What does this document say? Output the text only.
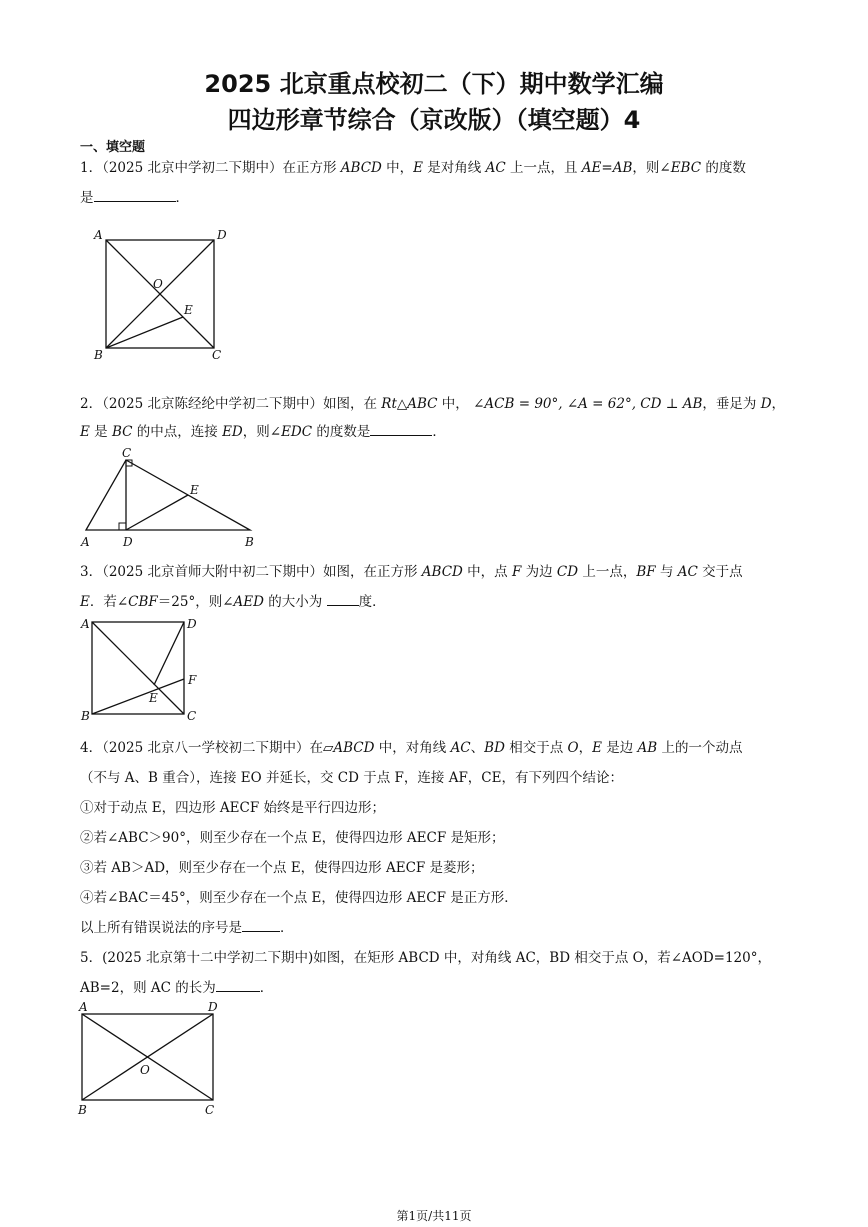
2025 北京重点校初二（下）期中数学汇编
四边形章节综合（京改版）（填空题）4
一、填空题
1．（2025 北京中学初二下期中）在正方形 ABCD 中，E 是对角线 AC 上一点，且 AE=AB，则∠EBC 的度数
是	．
A	D
O
E
B	C
2．（2025 北京陈经纶中学初二下期中）如图，在 Rt△ABC 中， ∠ACB = 90°, ∠A = 62°, CD ⊥ AB，垂足为 D，
E 是 BC 的中点，连接 ED，则∠EDC 的度数是	．
C
E
A	D	B
3．（2025 北京首师大附中初二下期中）如图，在正方形 ABCD 中，点 F 为边 CD 上一点，BF 与 AC 交于点
E．若∠CBF＝25°，则∠AED 的大小为 度．
A	D
F
E
B	C
4．（2025 北京八一学校初二下期中）在▱ABCD 中，对角线 AC、BD 相交于点 O，E 是边 AB 上的一个动点
（不与 A、B 重合），连接 EO 并延长，交 CD 于点 F，连接 AF，CE，有下列四个结论：
①对于动点 E，四边形 AECF 始终是平行四边形；
②若∠ABC＞90°，则至少存在一个点 E，使得四边形 AECF 是矩形；
③若 AB＞AD，则至少存在一个点 E，使得四边形 AECF 是菱形；
④若∠BAC＝45°，则至少存在一个点 E，使得四边形 AECF 是正方形．
以上所有错误说法的序号是	．
5．(2025 北京第十二中学初二下期中)如图，在矩形 ABCD 中，对角线 AC，BD 相交于点 O，若∠AOD=120°，
AB=2，则 AC 的长为	．
A	D
O
B	C
第1页/共11页
